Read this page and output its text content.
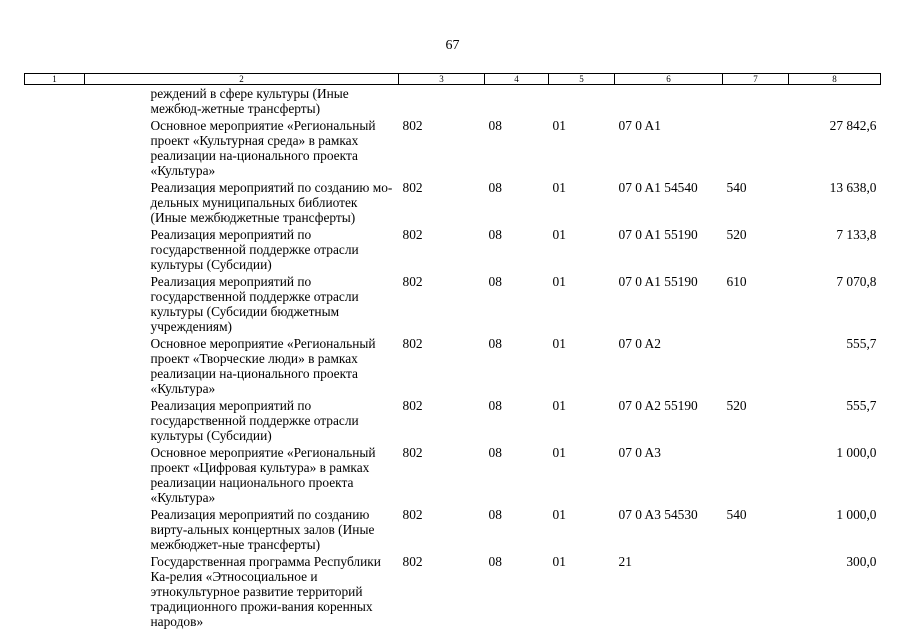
67
1	2	3	4	5	6	7	8
	реждений в сфере культуры (Иные межбюд-жетные трансферты)						
	Основное мероприятие «Региональный проект «Культурная среда» в рамках реализации на-ционального проекта «Культура»	802	08	01	07 0 A1		27 842,6
	Реализация мероприятий по созданию мо-дельных муниципальных библиотек (Иные межбюджетные трансферты)	802	08	01	07 0 A1 54540	540	13 638,0
	Реализация мероприятий по государственной поддержке отрасли культуры (Субсидии)	802	08	01	07 0 A1 55190	520	7 133,8
	Реализация мероприятий по государственной поддержке отрасли культуры (Субсидии бюджетным учреждениям)	802	08	01	07 0 A1 55190	610	7 070,8
	Основное мероприятие «Региональный проект «Творческие люди» в рамках реализации на-ционального проекта «Культура»	802	08	01	07 0 A2		555,7
	Реализация мероприятий по государственной поддержке отрасли культуры (Субсидии)	802	08	01	07 0 A2 55190	520	555,7
	Основное мероприятие «Региональный проект «Цифровая культура» в рамках реализации национального проекта «Культура»	802	08	01	07 0 A3		1 000,0
	Реализация мероприятий по созданию вирту-альных концертных залов (Иные межбюджет-ные трансферты)	802	08	01	07 0 A3 54530	540	1 000,0
	Государственная программа Республики Ка-релия «Этносоциальное и этнокультурное развитие территорий традиционного прожи-вания коренных народов»	802	08	01	21		300,0
